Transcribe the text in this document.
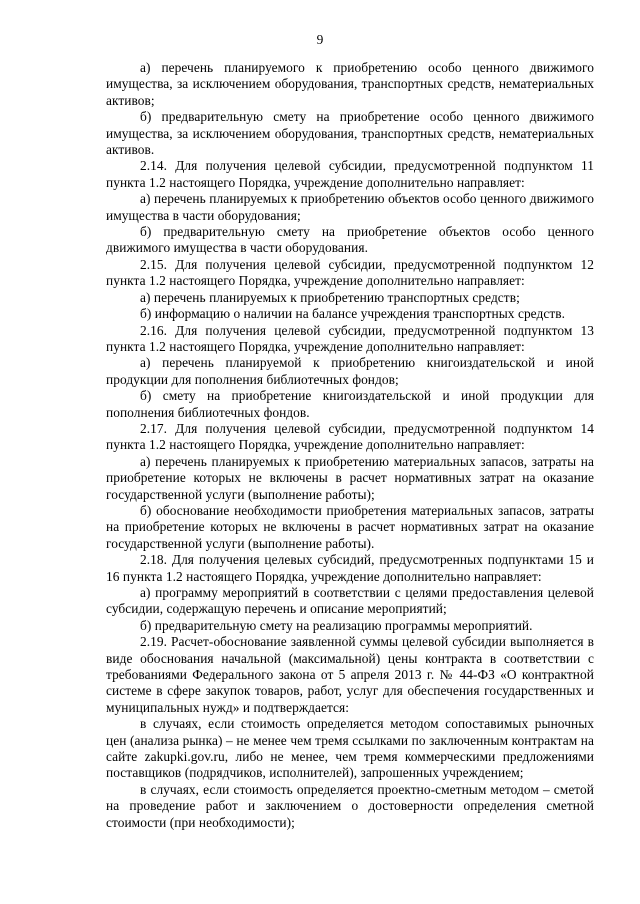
9

а) перечень планируемого к приобретению особо ценного движимого имущества, за исключением оборудования, транспортных средств, нематериальных активов;

б) предварительную смету на приобретение особо ценного движимого имущества, за исключением оборудования, транспортных средств, нематериальных активов.

2.14. Для получения целевой субсидии, предусмотренной подпунктом 11 пункта 1.2 настоящего Порядка, учреждение дополнительно направляет:

а) перечень планируемых к приобретению объектов особо ценного движимого имущества в части оборудования;

б) предварительную смету на приобретение объектов особо ценного движимого имущества в части оборудования.

2.15. Для получения целевой субсидии, предусмотренной подпунктом 12 пункта 1.2 настоящего Порядка, учреждение дополнительно направляет:

а) перечень планируемых к приобретению транспортных средств;

б) информацию о наличии на балансе учреждения транспортных средств.

2.16. Для получения целевой субсидии, предусмотренной подпунктом 13 пункта 1.2 настоящего Порядка, учреждение дополнительно направляет:

а) перечень планируемой к приобретению книгоиздательской и иной продукции для пополнения библиотечных фондов;

б) смету на приобретение книгоиздательской и иной продукции для пополнения библиотечных фондов.

2.17. Для получения целевой субсидии, предусмотренной подпунктом 14 пункта 1.2 настоящего Порядка, учреждение дополнительно направляет:

а) перечень планируемых к приобретению материальных запасов, затраты на приобретение которых не включены в расчет нормативных затрат на оказание государственной услуги (выполнение работы);

б) обоснование необходимости приобретения материальных запасов, затраты на приобретение которых не включены в расчет нормативных затрат на оказание государственной услуги (выполнение работы).

2.18. Для получения целевых субсидий, предусмотренных подпунктами 15 и 16 пункта 1.2 настоящего Порядка, учреждение дополнительно направляет:

а) программу мероприятий в соответствии с целями предоставления целевой субсидии, содержащую перечень и описание мероприятий;

б) предварительную смету на реализацию программы мероприятий.

2.19. Расчет-обоснование заявленной суммы целевой субсидии выполняется в виде обоснования начальной (максимальной) цены контракта в соответствии с требованиями Федерального закона от 5 апреля 2013 г. № 44-ФЗ «О контрактной системе в сфере закупок товаров, работ, услуг для обеспечения государственных и муниципальных нужд» и подтверждается:

в случаях, если стоимость определяется методом сопоставимых рыночных цен (анализа рынка) – не менее чем тремя ссылками по заключенным контрактам на сайте zakupki.gov.ru, либо не менее, чем тремя коммерческими предложениями поставщиков (подрядчиков, исполнителей), запрошенных учреждением;

в случаях, если стоимость определяется проектно-сметным методом – сметой на проведение работ и заключением о достоверности определения сметной стоимости (при необходимости);
